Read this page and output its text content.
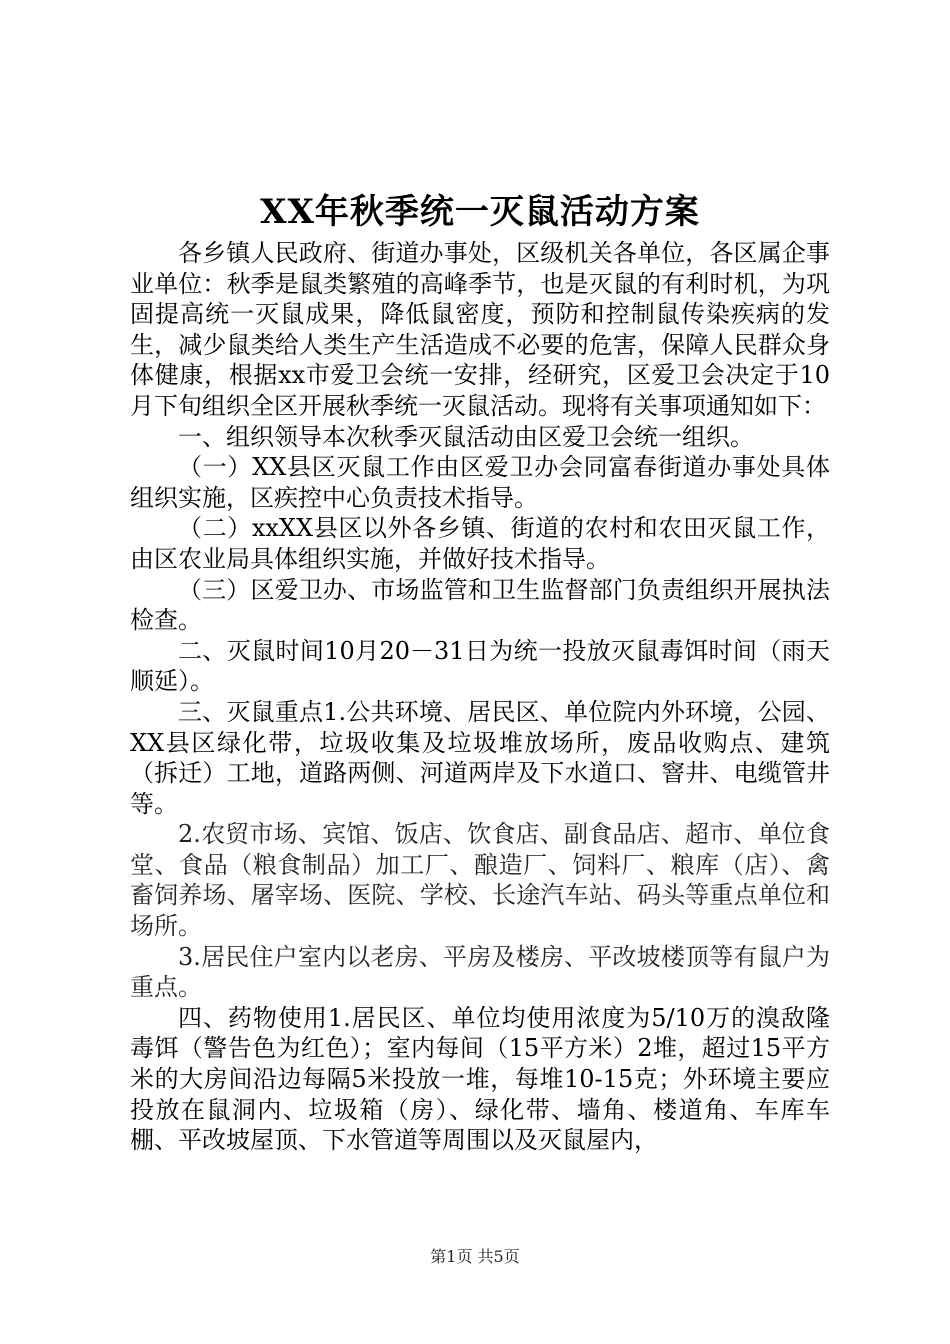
XX年秋季统一灭鼠活动方案

各乡镇人民政府、街道办事处，区级机关各单位，各区属企事业单位：秋季是鼠类繁殖的高峰季节，也是灭鼠的有利时机，为巩固提高统一灭鼠成果，降低鼠密度，预防和控制鼠传染疾病的发生，减少鼠类给人类生产生活造成不必要的危害，保障人民群众身体健康，根据xx市爱卫会统一安排，经研究，区爱卫会决定于10月下旬组织全区开展秋季统一灭鼠活动。现将有关事项通知如下：

一、组织领导本次秋季灭鼠活动由区爱卫会统一组织。

（一）XX县区灭鼠工作由区爱卫办会同富春街道办事处具体组织实施，区疾控中心负责技术指导。

（二）xxXX县区以外各乡镇、街道的农村和农田灭鼠工作，由区农业局具体组织实施，并做好技术指导。

（三）区爱卫办、市场监管和卫生监督部门负责组织开展执法检查。

二、灭鼠时间10月20－31日为统一投放灭鼠毒饵时间（雨天顺延）。

三、灭鼠重点1.公共环境、居民区、单位院内外环境，公园、XX县区绿化带，垃圾收集及垃圾堆放场所，废品收购点、建筑（拆迁）工地，道路两侧、河道两岸及下水道口、窨井、电缆管井等。

2.农贸市场、宾馆、饭店、饮食店、副食品店、超市、单位食堂、食品（粮食制品）加工厂、酿造厂、饲料厂、粮库（店）、禽畜饲养场、屠宰场、医院、学校、长途汽车站、码头等重点单位和场所。

3.居民住户室内以老房、平房及楼房、平改坡楼顶等有鼠户为重点。

四、药物使用1.居民区、单位均使用浓度为5/10万的溴敌隆毒饵（警告色为红色）；室内每间（15平方米）2堆，超过15平方米的大房间沿边每隔5米投放一堆，每堆10-15克；外环境主要应投放在鼠洞内、垃圾箱（房）、绿化带、墙角、楼道角、车库车棚、平改坡屋顶、下水管道等周围以及灭鼠屋内，

第1页 共5页
